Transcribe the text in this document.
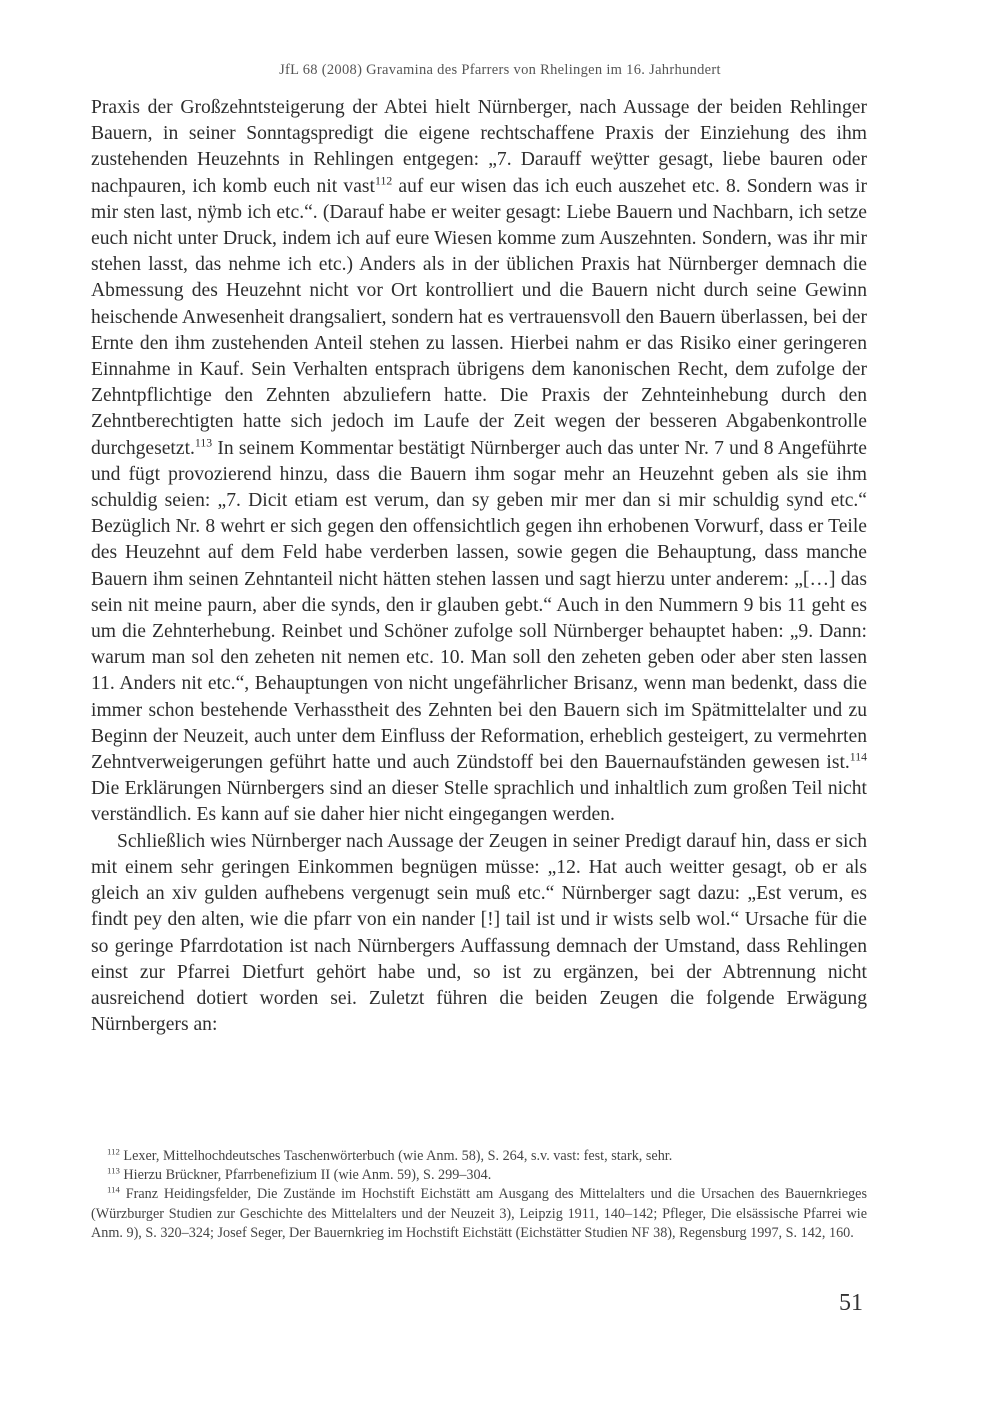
JfL 68 (2008) Gravamina des Pfarrers von Rhelingen im 16. Jahrhundert

Praxis der Großzehntsteigerung der Abtei hielt Nürnberger, nach Aussage der beiden Rehlinger Bauern, in seiner Sonntagspredigt die eigene rechtschaffene Praxis der Einziehung des ihm zustehenden Heuzehnts in Rehlingen entgegen: „7. Darauff weÿtter gesagt, liebe bauren oder nachpauren, ich komb euch nit vast$^{112}$ auf eur wisen das ich euch auszehet etc. 8. Sondern was ir mir sten last, nÿmb ich etc.“. (Darauf habe er weiter gesagt: Liebe Bauern und Nachbarn, ich setze euch nicht unter Druck, indem ich auf eure Wiesen komme zum Auszehnten. Sondern, was ihr mir stehen lasst, das nehme ich etc.) Anders als in der üblichen Praxis hat Nürnberger demnach die Abmessung des Heuzehnt nicht vor Ort kontrolliert und die Bauern nicht durch seine Gewinn heischende Anwesenheit drangsaliert, sondern hat es vertrauensvoll den Bauern überlassen, bei der Ernte den ihm zustehenden Anteil stehen zu lassen. Hierbei nahm er das Risiko einer geringeren Einnahme in Kauf. Sein Verhalten entsprach übrigens dem kanonischen Recht, dem zufolge der Zehntpflichtige den Zehnten abzuliefern hatte. Die Praxis der Zehnteinhebung durch den Zehntberechtigten hatte sich jedoch im Laufe der Zeit wegen der besseren Abgabenkontrolle durchgesetzt.$^{113}$ In seinem Kommentar bestätigt Nürnberger auch das unter Nr. 7 und 8 Angeführte und fügt provozierend hinzu, dass die Bauern ihm sogar mehr an Heuzehnt geben als sie ihm schuldig seien: „7. Dicit etiam est verum, dan sy geben mir mer dan si mir schuldig synd etc.“ Bezüglich Nr. 8 wehrt er sich gegen den offensichtlich gegen ihn erhobenen Vorwurf, dass er Teile des Heuzehnt auf dem Feld habe verderben lassen, sowie gegen die Behauptung, dass manche Bauern ihm seinen Zehntanteil nicht hätten stehen lassen und sagt hierzu unter anderem: „[…] das sein nit meine paurn, aber die synds, den ir glauben gebt.“ Auch in den Nummern 9 bis 11 geht es um die Zehnterhebung. Reinbet und Schöner zufolge soll Nürnberger behauptet haben: „9. Dann: warum man sol den zeheten nit nemen etc. 10. Man soll den zeheten geben oder aber sten lassen 11. Anders nit etc.“, Behauptungen von nicht ungefährlicher Brisanz, wenn man bedenkt, dass die immer schon bestehende Verhasstheit des Zehnten bei den Bauern sich im Spätmittelalter und zu Beginn der Neuzeit, auch unter dem Einfluss der Reformation, erheblich gesteigert, zu vermehrten Zehntverweigerungen geführt hatte und auch Zündstoff bei den Bauernaufständen gewesen ist.$^{114}$ Die Erklärungen Nürnbergers sind an dieser Stelle sprachlich und inhaltlich zum großen Teil nicht verständlich. Es kann auf sie daher hier nicht eingegangen werden.

Schließlich wies Nürnberger nach Aussage der Zeugen in seiner Predigt darauf hin, dass er sich mit einem sehr geringen Einkommen begnügen müsse: „12. Hat auch weitter gesagt, ob er als gleich an xiv gulden aufhebens vergenugt sein muß etc.“ Nürnberger sagt dazu: „Est verum, es findt pey den alten, wie die pfarr von ein nander [!] tail ist und ir wists selb wol.“ Ursache für die so geringe Pfarrdotation ist nach Nürnbergers Auffassung demnach der Umstand, dass Rehlingen einst zur Pfarrei Dietfurt gehört habe und, so ist zu ergänzen, bei der Abtrennung nicht ausreichend dotiert worden sei. Zuletzt führen die beiden Zeugen die folgende Erwägung Nürnbergers an:

$^{112}$ Lexer, Mittelhochdeutsches Taschenwörterbuch (wie Anm. 58), S. 264, s.v. vast: fest, stark, sehr.

$^{113}$ Hierzu Brückner, Pfarrbenefizium II (wie Anm. 59), S. 299–304.

$^{114}$ Franz Heidingsfelder, Die Zustände im Hochstift Eichstätt am Ausgang des Mittelalters und die Ursachen des Bauernkrieges (Würzburger Studien zur Geschichte des Mittelalters und der Neuzeit 3), Leipzig 1911, 140–142; Pfleger, Die elsässische Pfarrei wie Anm. 9), S. 320–324; Josef Seger, Der Bauernkrieg im Hochstift Eichstätt (Eichstätter Studien NF 38), Regensburg 1997, S. 142, 160.

51
